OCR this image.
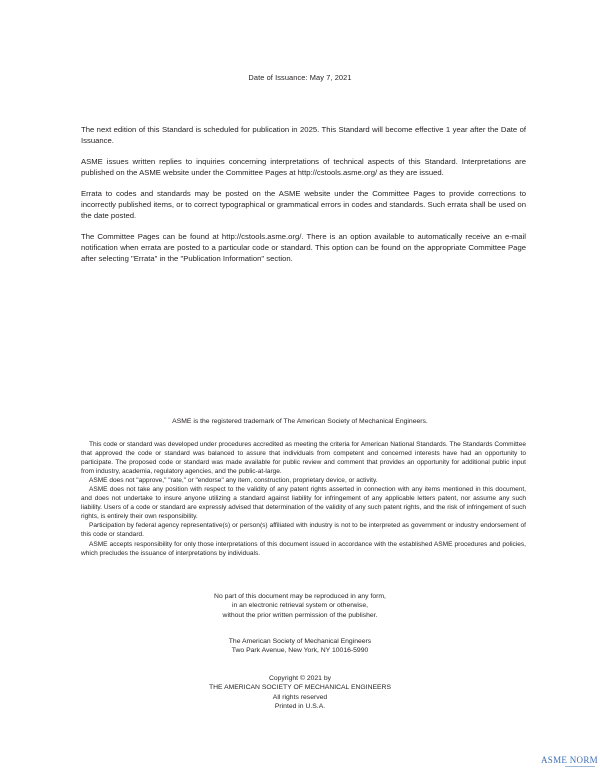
Date of Issuance: May 7, 2021

The next edition of this Standard is scheduled for publication in 2025. This Standard will become effective 1 year after the Date of Issuance.

ASME issues written replies to inquiries concerning interpretations of technical aspects of this Standard. Interpretations are published on the ASME website under the Committee Pages at http://cstools.asme.org/ as they are issued.

Errata to codes and standards may be posted on the ASME website under the Committee Pages to provide corrections to incorrectly published items, or to correct typographical or grammatical errors in codes and standards. Such errata shall be used on the date posted.

The Committee Pages can be found at http://cstools.asme.org/. There is an option available to automatically receive an e-mail notification when errata are posted to a particular code or standard. This option can be found on the appropriate Committee Page after selecting "Errata" in the "Publication Information" section.

ASME is the registered trademark of The American Society of Mechanical Engineers.

This code or standard was developed under procedures accredited as meeting the criteria for American National Standards. The Standards Committee that approved the code or standard was balanced to assure that individuals from competent and concerned interests have had an opportunity to participate. The proposed code or standard was made available for public review and comment that provides an opportunity for additional public input from industry, academia, regulatory agencies, and the public-at-large.

ASME does not "approve," "rate," or "endorse" any item, construction, proprietary device, or activity.

ASME does not take any position with respect to the validity of any patent rights asserted in connection with any items mentioned in this document, and does not undertake to insure anyone utilizing a standard against liability for infringement of any applicable letters patent, nor assume any such liability. Users of a code or standard are expressly advised that determination of the validity of any such patent rights, and the risk of infringement of such rights, is entirely their own responsibility.

Participation by federal agency representative(s) or person(s) affiliated with industry is not to be interpreted as government or industry endorsement of this code or standard.

ASME accepts responsibility for only those interpretations of this document issued in accordance with the established ASME procedures and policies, which precludes the issuance of interpretations by individuals.

No part of this document may be reproduced in any form,
in an electronic retrieval system or otherwise,
without the prior written permission of the publisher.
The American Society of Mechanical Engineers
Two Park Avenue, New York, NY 10016-5990
Copyright © 2021 by
THE AMERICAN SOCIETY OF MECHANICAL ENGINEERS
All rights reserved
Printed in U.S.A.
ASME NORM
